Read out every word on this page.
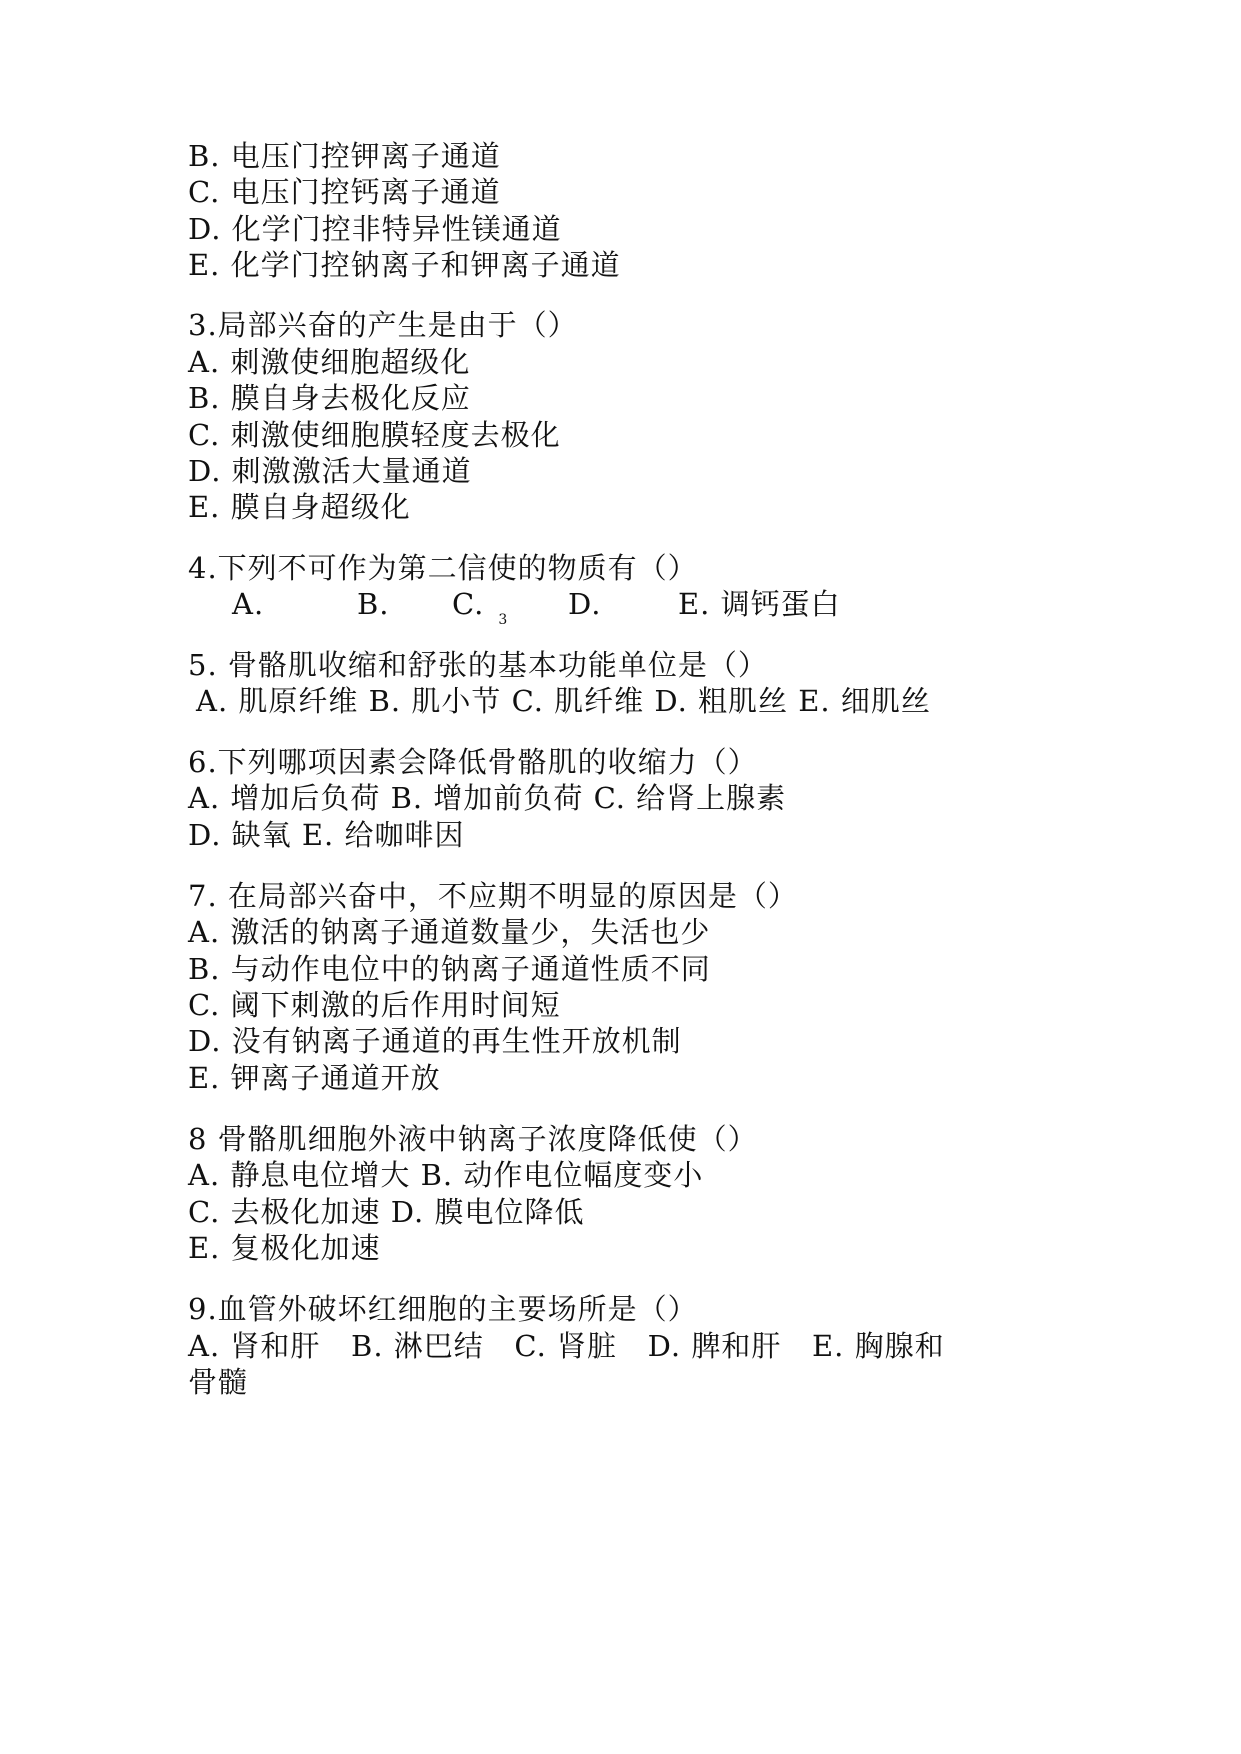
B. 电压门控钾离子通道
C. 电压门控钙离子通道
D. 化学门控非特异性镁通道
E. 化学门控钠离子和钾离子通道
3.局部兴奋的产生是由于（）
A. 刺激使细胞超级化
B. 膜自身去极化反应
C. 刺激使细胞膜轻度去极化
D. 刺激激活大量通道
E. 膜自身超级化
4.下列不可作为第二信使的物质有（）
A.	B. C. $_3$ D.	E. 调钙蛋白
5. 骨骼肌收缩和舒张的基本功能单位是（）
A. 肌原纤维 B. 肌小节 C. 肌纤维 D. 粗肌丝 E. 细肌丝
6.下列哪项因素会降低骨骼肌的收缩力（）
A. 增加后负荷 B. 增加前负荷 C. 给肾上腺素
D. 缺氧 E. 给咖啡因
7. 在局部兴奋中，不应期不明显的原因是（）
A. 激活的钠离子通道数量少，失活也少
B. 与动作电位中的钠离子通道性质不同
C. 阈下刺激的后作用时间短
D. 没有钠离子通道的再生性开放机制
E. 钾离子通道开放
8 骨骼肌细胞外液中钠离子浓度降低使（）
A. 静息电位增大 B. 动作电位幅度变小
C. 去极化加速 D. 膜电位降低
E. 复极化加速
9.血管外破坏红细胞的主要场所是（）
A. 肾和肝   B. 淋巴结   C. 肾脏   D. 脾和肝   E. 胸腺和
骨髓
